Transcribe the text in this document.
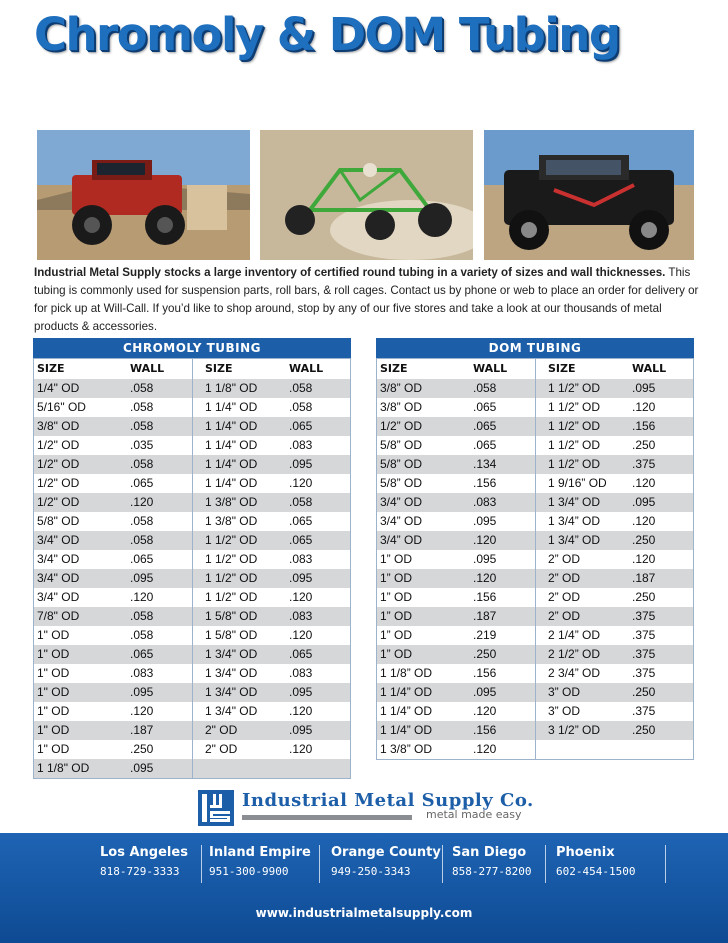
Chromoly & DOM Tubing
Industrial Metal Supply stocks a large inventory of certified round tubing in a variety of sizes and wall thicknesses. This tubing is commonly used for suspension parts, roll bars, & roll cages. Contact us by phone or web to place an order for delivery or for pick up at Will-Call. If you’d like to shop around, stop by any of our five stores and take a look at our thousands of metal products & accessories.
CHROMOLY TUBING
SIZE	WALL
1/4" OD	.058
5/16" OD	.058
3/8" OD	.058
1/2" OD	.035
1/2" OD	.058
1/2" OD	.065
1/2" OD	.120
5/8" OD	.058
3/4" OD	.058
3/4" OD	.065
3/4" OD	.095
3/4" OD	.120
7/8" OD	.058
1" OD	.058
1" OD	.065
1" OD	.083
1" OD	.095
1" OD	.120
1" OD	.187
1" OD	.250
1 1/8" OD	.095
SIZE	WALL
1 1/8" OD	.058
1 1/4" OD	.058
1 1/4" OD	.065
1 1/4" OD	.083
1 1/4" OD	.095
1 1/4" OD	.120
1 3/8" OD	.058
1 3/8" OD	.065
1 1/2" OD	.065
1 1/2" OD	.083
1 1/2" OD	.095
1 1/2" OD	.120
1 5/8" OD	.083
1 5/8" OD	.120
1 3/4" OD	.065
1 3/4" OD	.083
1 3/4" OD	.095
1 3/4" OD	.120
2" OD	.095
2" OD	.120
DOM TUBING
SIZE	WALL
3/8” OD	.058
3/8” OD	.065
1/2” OD	.065
5/8” OD	.065
5/8” OD	.134
5/8” OD	.156
3/4” OD	.083
3/4” OD	.095
3/4” OD	.120
1” OD	.095
1” OD	.120
1” OD	.156
1” OD	.187
1” OD	.219
1” OD	.250
1 1/8” OD	.156
1 1/4” OD	.095
1 1/4” OD	.120
1 1/4” OD	.156
1 3/8” OD	.120
SIZE	WALL
1 1/2” OD	.095
1 1/2” OD	.120
1 1/2” OD	.156
1 1/2” OD	.250
1 1/2” OD	.375
1 9/16” OD	.120
1 3/4” OD	.095
1 3/4” OD	.120
1 3/4” OD	.250
2” OD	.120
2” OD	.187
2” OD	.250
2” OD	.375
2 1/4” OD	.375
2 1/2” OD	.375
2 3/4” OD	.375
3” OD	.250
3” OD	.375
3 1/2” OD	.250
Industrial Metal Supply Co.
metal made easy
Los Angeles
818-729-3333
Inland Empire
951-300-9900
Orange County
949-250-3343
San Diego
858-277-8200
Phoenix
602-454-1500
www.industrialmetalsupply.com
